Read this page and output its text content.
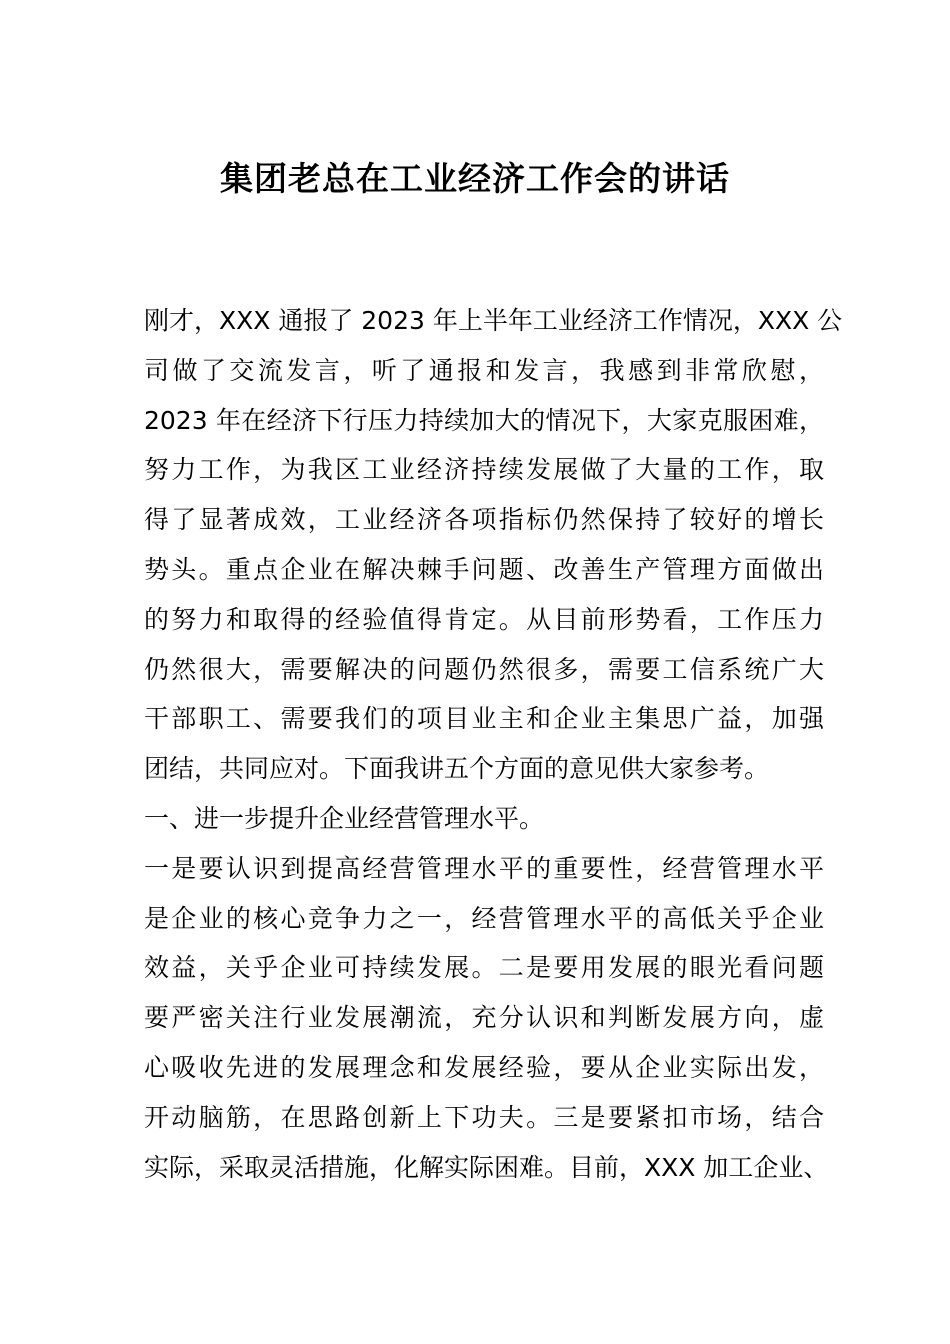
集团老总在工业经济工作会的讲话
刚才，XXX 通报了 2023 年上半年工业经济工作情况，XXX 公
司做了交流发言，听了通报和发言，我感到非常欣慰，
2023 年在经济下行压力持续加大的情况下，大家克服困难，
努力工作，为我区工业经济持续发展做了大量的工作，取
得了显著成效，工业经济各项指标仍然保持了较好的增长
势头。重点企业在解决棘手问题、改善生产管理方面做出
的努力和取得的经验值得肯定。从目前形势看，工作压力
仍然很大，需要解决的问题仍然很多，需要工信系统广大
干部职工、需要我们的项目业主和企业主集思广益，加强
团结，共同应对。下面我讲五个方面的意见供大家参考。
一、进一步提升企业经营管理水平。
一是要认识到提高经营管理水平的重要性，经营管理水平
是企业的核心竞争力之一，经营管理水平的高低关乎企业
效益，关乎企业可持续发展。二是要用发展的眼光看问题
要严密关注行业发展潮流，充分认识和判断发展方向，虚
心吸收先进的发展理念和发展经验，要从企业实际出发，
开动脑筋，在思路创新上下功夫。三是要紧扣市场，结合
实际，采取灵活措施，化解实际困难。目前，XXX 加工企业、
